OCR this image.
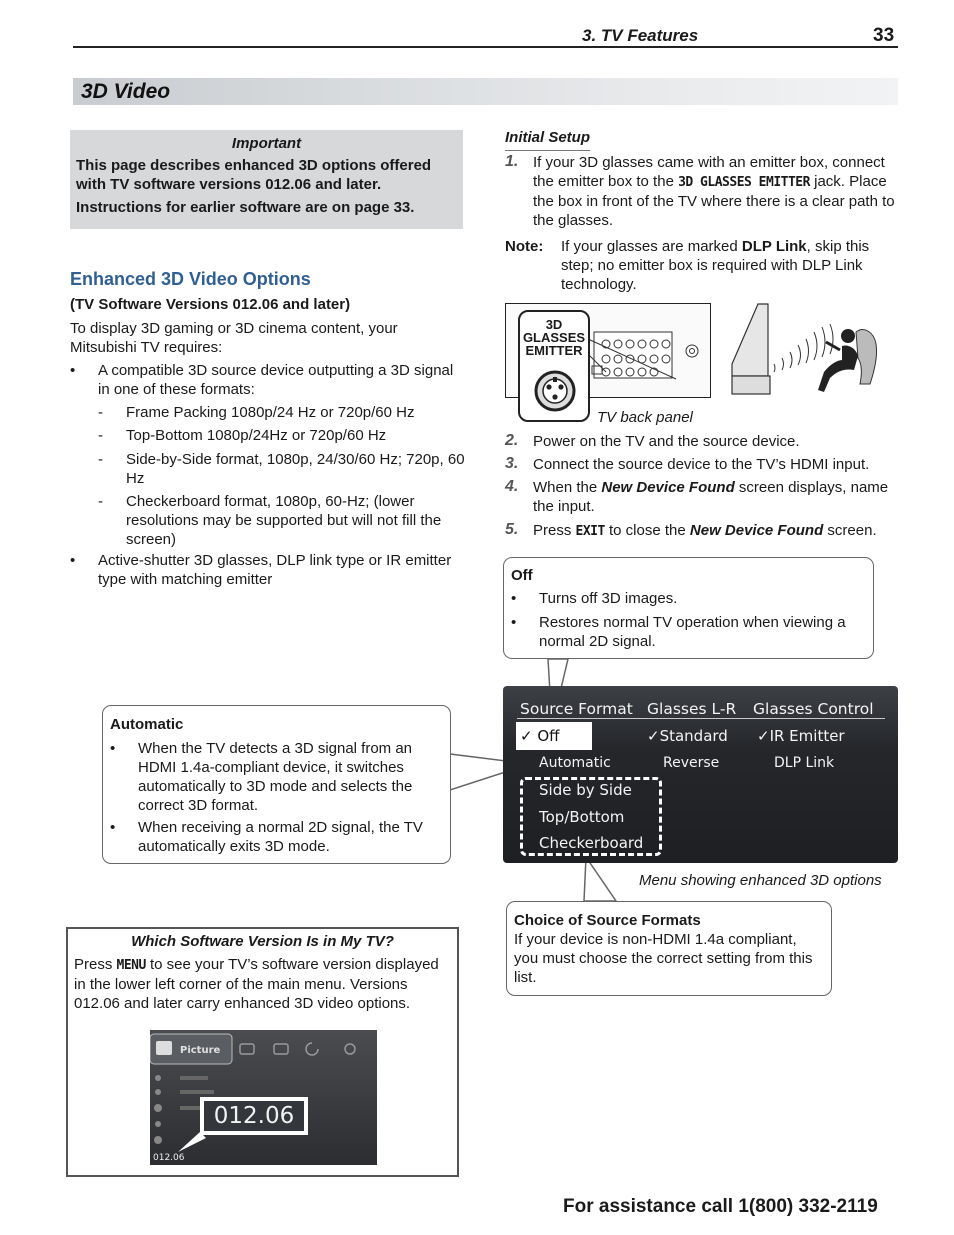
3. TV Features	33
3D Video
Important
This page describes enhanced 3D options offered with TV software versions 012.06 and later.
Instructions for earlier software are on page 33.
Enhanced 3D Video Options
(TV Software Versions 012.06 and later)
To display 3D gaming or 3D cinema content, your Mitsubishi TV requires:
• A compatible 3D source device outputting a 3D signal in one of these formats:
- Frame Packing 1080p/24 Hz or 720p/60 Hz
- Top-Bottom 1080p/24Hz or 720p/60 Hz
- Side-by-Side format, 1080p, 24/30/60 Hz; 720p, 60 Hz
- Checkerboard format, 1080p, 60-Hz; (lower resolutions may be supported but will not fill the screen)
• Active-shutter 3D glasses, DLP link type or IR emitter type with matching emitter
Initial Setup
1. If your 3D glasses came with an emitter box, connect the emitter box to the 3D GLASSES EMITTER jack. Place the box in front of the TV where there is a clear path to the glasses.
Note: If your glasses are marked DLP Link, skip this step; no emitter box is required with DLP Link technology.
3D GLASSES EMITTER
TV back panel
2. Power on the TV and the source device.
3. Connect the source device to the TV’s HDMI input.
4. When the New Device Found screen displays, name the input.
5. Press EXIT to close the New Device Found screen.
Off
• Turns off 3D images.
• Restores normal TV operation when viewing a normal 2D signal.
Automatic
• When the TV detects a 3D signal from an HDMI 1.4a-compliant device, it switches automatically to 3D mode and selects the correct 3D format.
• When receiving a normal 2D signal, the TV automatically exits 3D mode.
Source Format Glasses L-R Glasses Control
✓ Off
Automatic
Side by Side
Top/Bottom
Checkerboard
✓Standard
Reverse
✓IR Emitter
DLP Link
Menu showing enhanced 3D options
Choice of Source Formats
If your device is non-HDMI 1.4a compliant, you must choose the correct setting from this list.
Which Software Version Is in My TV?
Press MENU to see your TV’s software version displayed in the lower left corner of the main menu. Versions 012.06 and later carry enhanced 3D video options.
Picture
012.06
012.06
For assistance call 1(800) 332-2119
